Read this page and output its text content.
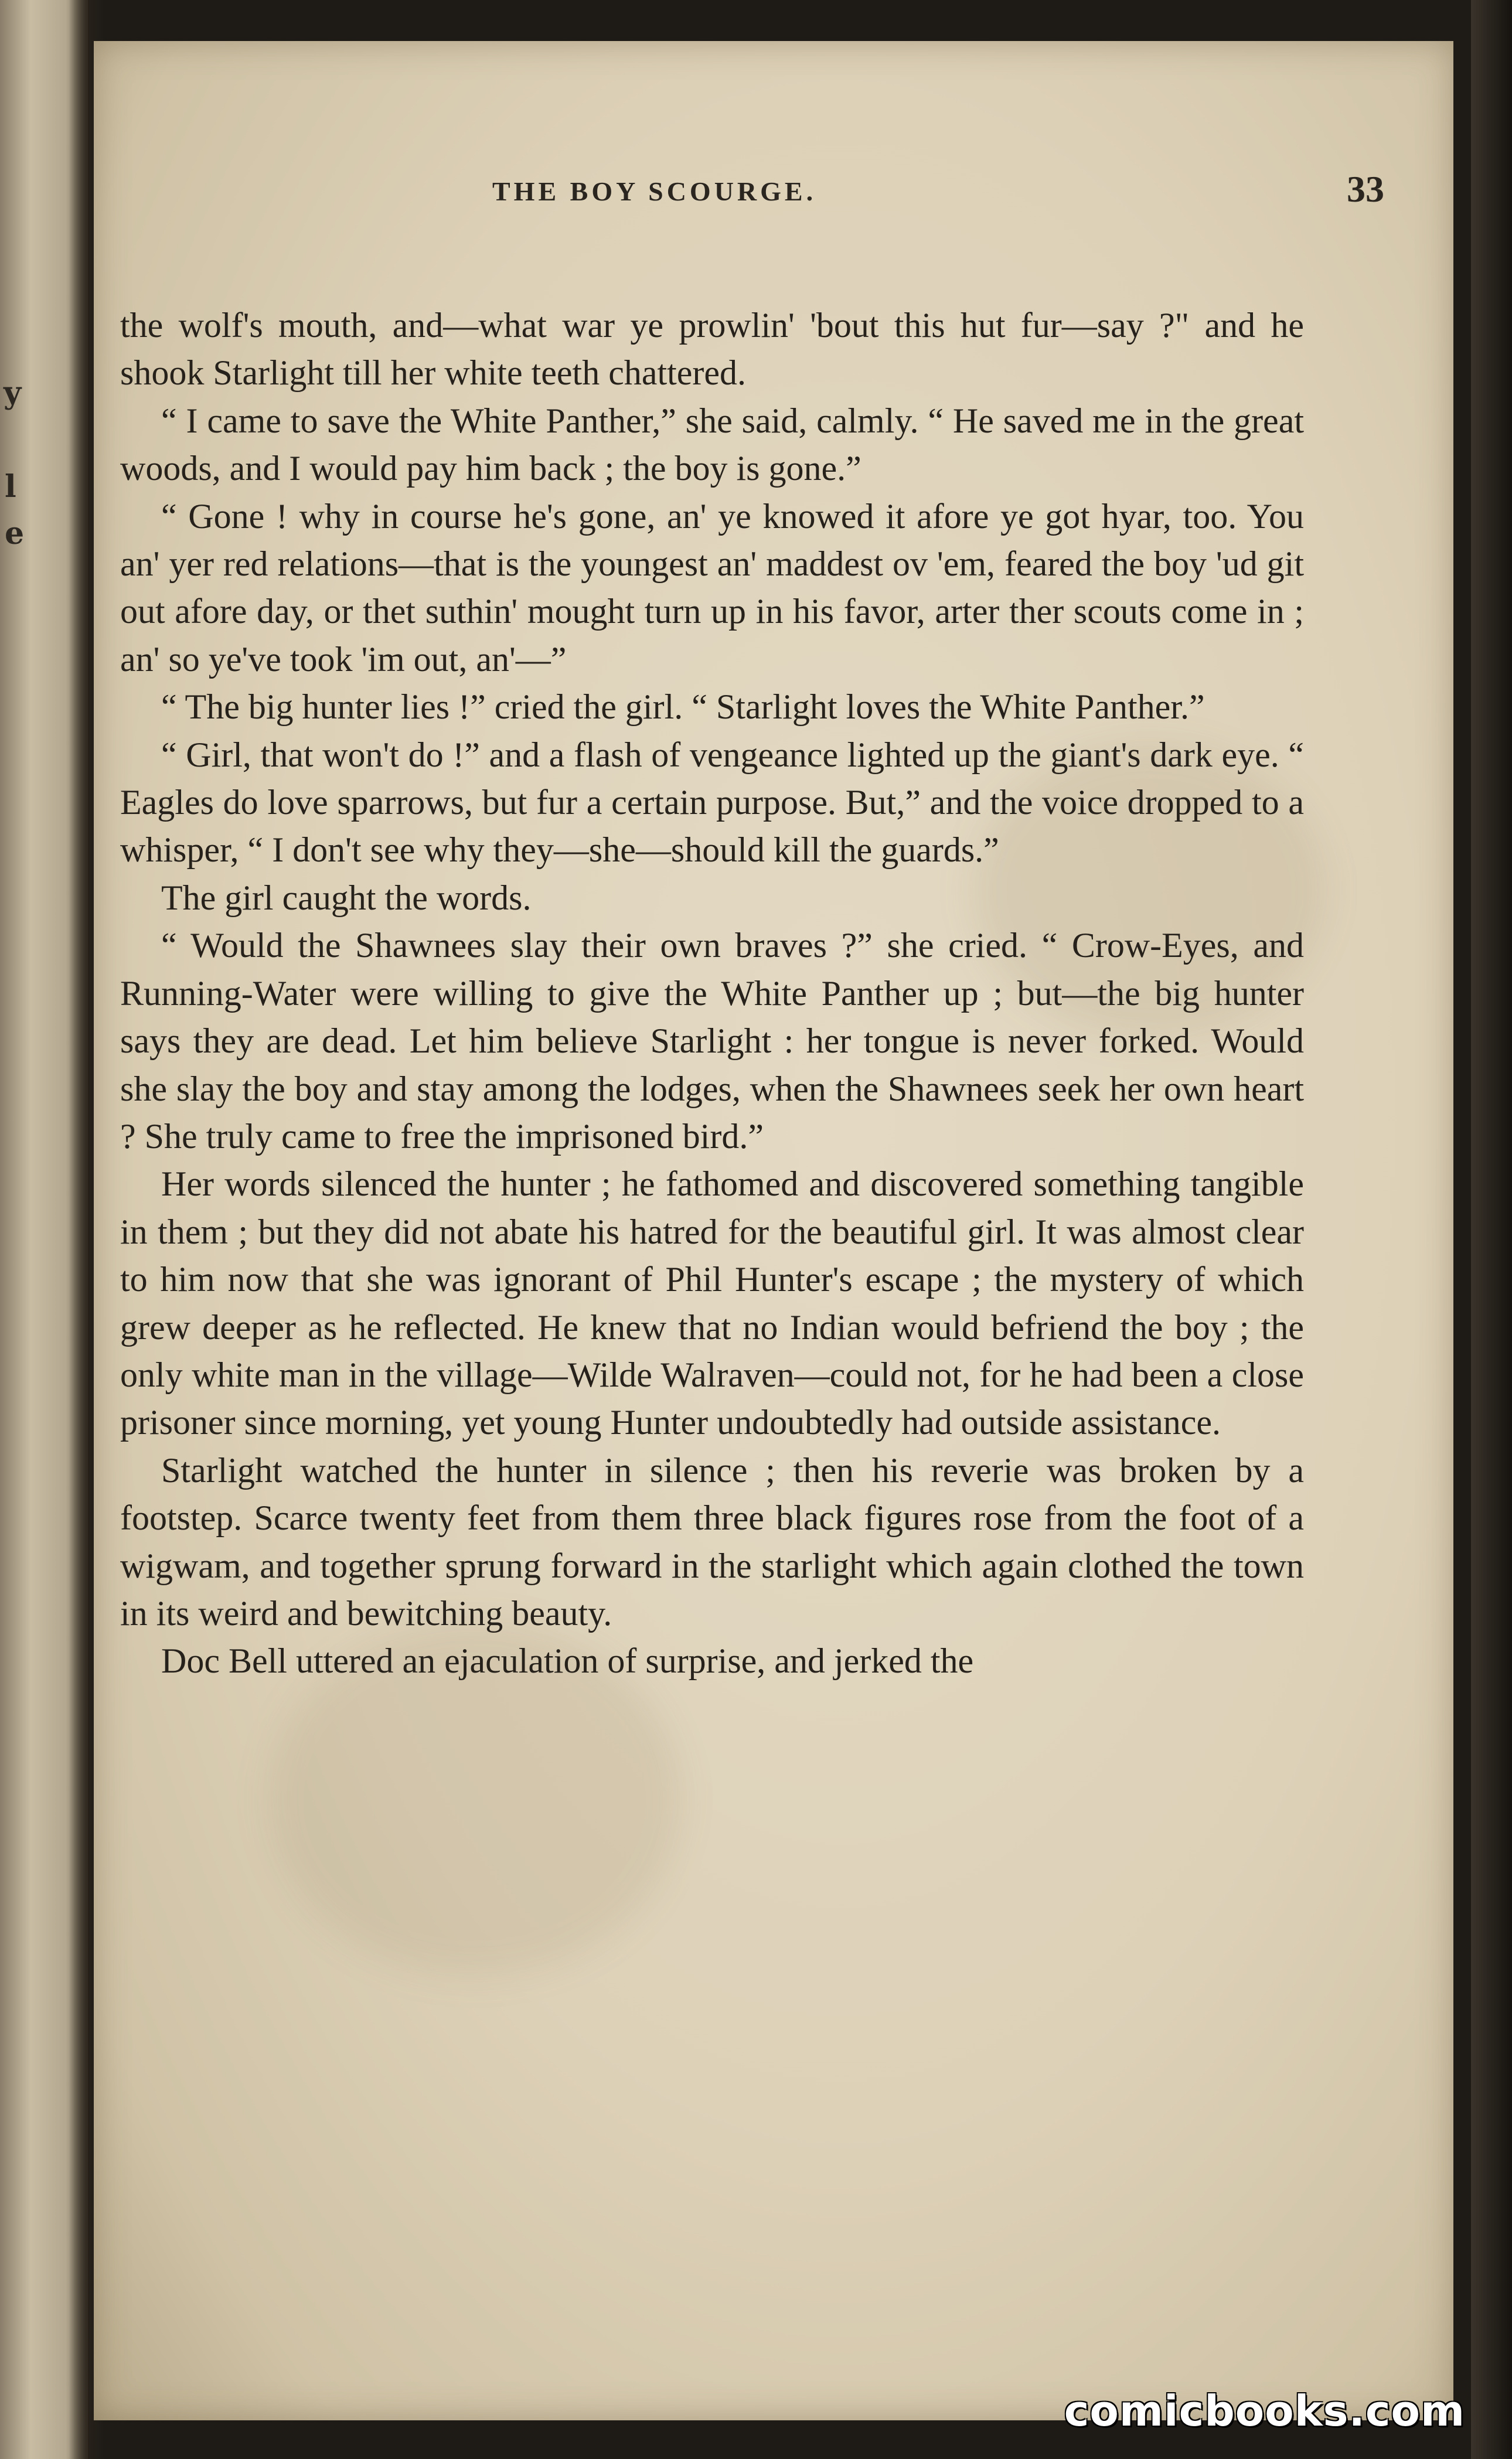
y
l
e
THE BOY SCOURGE.	33

the wolf's mouth, and—what war ye prowlin' 'bout this hut fur—say ?" and he shook Starlight till her white teeth chattered.

“ I came to save the White Panther,” she said, calmly. “ He saved me in the great woods, and I would pay him back ; the boy is gone.”

“ Gone ! why in course he's gone, an' ye knowed it afore ye got hyar, too. You an' yer red relations—that is the youngest an' maddest ov 'em, feared the boy 'ud git out afore day, or thet suthin' mought turn up in his favor, arter ther scouts come in ; an' so ye've took 'im out, an'—”

“ The big hunter lies !” cried the girl. “ Starlight loves the White Panther.”

“ Girl, that won't do !” and a flash of vengeance lighted up the giant's dark eye. “ Eagles do love sparrows, but fur a certain purpose. But,” and the voice dropped to a whisper, “ I don't see why they—she—should kill the guards.”

The girl caught the words.

“ Would the Shawnees slay their own braves ?” she cried. “ Crow-Eyes, and Running-Water were willing to give the White Panther up ; but—the big hunter says they are dead. Let him believe Starlight : her tongue is never forked. Would she slay the boy and stay among the lodges, when the Shawnees seek her own heart ? She truly came to free the imprisoned bird.”

Her words silenced the hunter ; he fathomed and discovered something tangible in them ; but they did not abate his hatred for the beautiful girl. It was almost clear to him now that she was ignorant of Phil Hunter's escape ; the mystery of which grew deeper as he reflected. He knew that no Indian would befriend the boy ; the only white man in the village—Wilde Walraven—could not, for he had been a close prisoner since morning, yet young Hunter undoubtedly had outside assistance.

Starlight watched the hunter in silence ; then his reverie was broken by a footstep. Scarce twenty feet from them three black figures rose from the foot of a wigwam, and together sprung forward in the starlight which again clothed the town in its weird and bewitching beauty.

Doc Bell uttered an ejaculation of surprise, and jerked the

comicbooks.com
